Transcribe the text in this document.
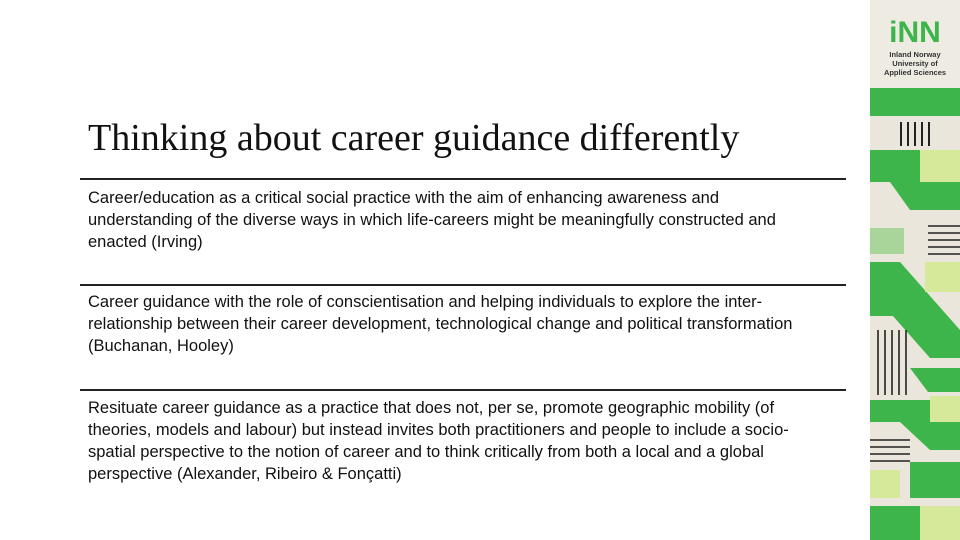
Thinking about career guidance differently
Career/education as a critical social practice with the aim of enhancing awareness and understanding of the diverse ways in which life-careers might be meaningfully constructed and enacted (Irving)
Career guidance with the role of conscientisation and helping individuals to explore the inter-relationship between their career development, technological change and political transformation (Buchanan, Hooley)
Resituate career guidance as a practice that does not, per se, promote geographic mobility (of theories, models and labour) but instead invites both practitioners and people to include a socio-spatial perspective to the notion of career and to think critically from both a local and a global perspective (Alexander, Ribeiro & Fonçatti)
iNN
Inland Norway
University of
Applied Sciences
